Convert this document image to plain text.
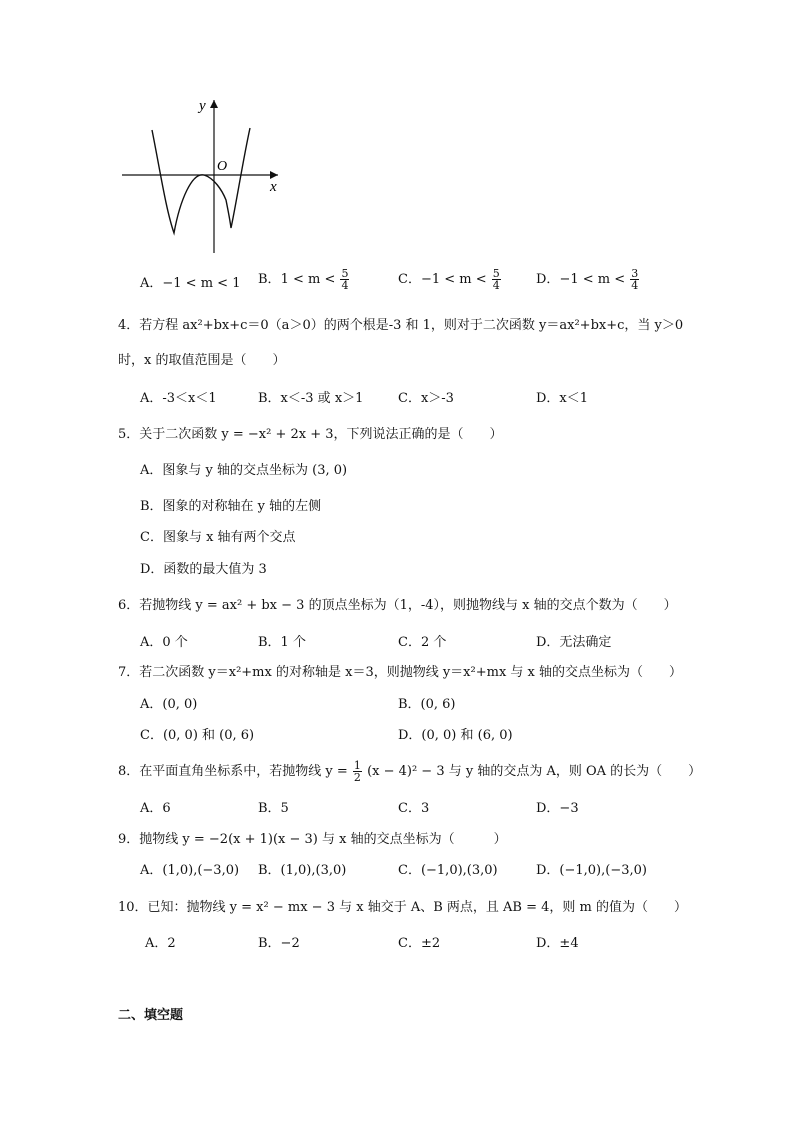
y
x
O
A．−1 < m < 1 B．$1 < m < \frac{5}{4}$	C．$-1 < m < \frac{5}{4}$	D．$-1 < m < \frac{3}{4}$
4．若方程 ax²+bx+c＝0（a＞0）的两个根是-3 和 1，则对于二次函数 y＝ax²+bx+c，当 y＞0
时，x 的取值范围是（　　）
A．-3＜x＜1	B．x＜-3 或 x＞1	C．x＞-3	D．x＜1
5．关于二次函数 y = −x² + 2x + 3，下列说法正确的是（　　）
A．图象与 y 轴的交点坐标为 (3, 0)
B．图象的对称轴在 y 轴的左侧
C．图象与 x 轴有两个交点
D．函数的最大值为 3
6．若抛物线 y = ax² + bx − 3 的顶点坐标为（1，-4），则抛物线与 x 轴的交点个数为（　　）
A．0 个	B．1 个	C．2 个	D．无法确定
7．若二次函数 y＝x²+mx 的对称轴是 x＝3，则抛物线 y＝x²+mx 与 x 轴的交点坐标为（　　）
A．(0, 0)	B．(0, 6)
C．(0, 0) 和 (0, 6)	D．(0, 0) 和 (6, 0)
8．在平面直角坐标系中，若抛物线 $y = \frac{1}{2} (x - 4)^2 - 3$ 与 y 轴的交点为 A，则 OA 的长为（　　）
A．6	B．5	C．3	D．−3
9．抛物线 y = −2(x + 1)(x − 3) 与 x 轴的交点坐标为（　　　）
A．(1,0),(−3,0) B．(1,0),(3,0)	C．(−1,0),(3,0)	D．(−1,0),(−3,0)
10．已知：抛物线 y = x² − mx − 3 与 x 轴交于 A、B 两点，且 AB = 4，则 m 的值为（　　）
A．2	B．−2	C．±2	D．±4
二、填空题
